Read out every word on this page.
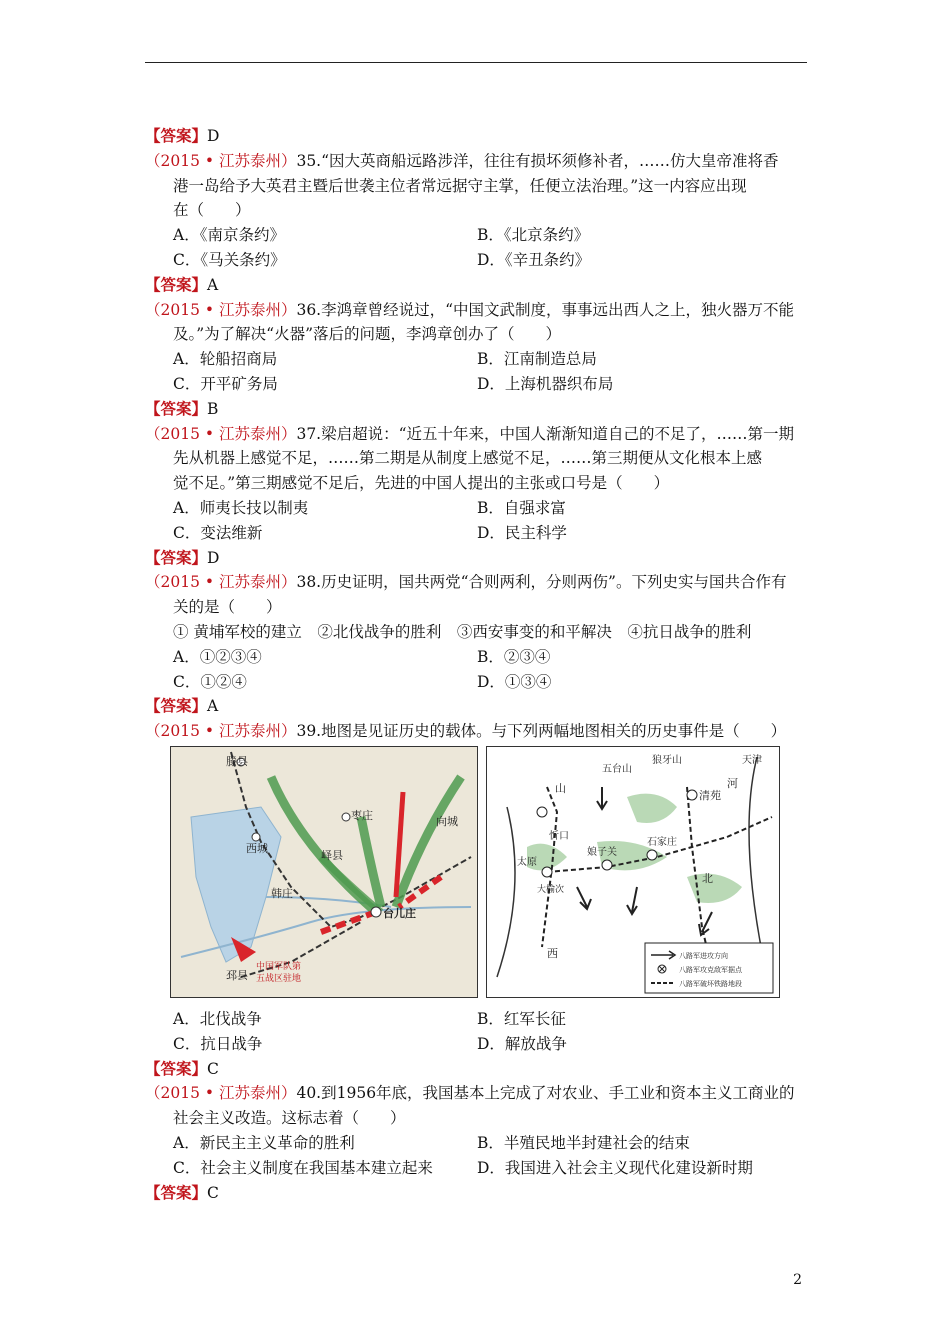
【答案】D
（2015 • 江苏泰州）35.“因大英商船远路涉洋，往往有损坏须修补者，……仿大皇帝准将香
港一岛给予大英君主暨后世袭主位者常远据守主掌，任便立法治理。”这一内容应出现
在（　　）
A．《南京条约》	B．《北京条约》
C．《马关条约》	D．《辛丑条约》
【答案】A
（2015 • 江苏泰州）36.李鸿章曾经说过，“中国文武制度，事事远出西人之上，独火器万不能
及。”为了解决“火器”落后的问题，李鸿章创办了（　　）
A．轮船招商局	B．江南制造总局
C．开平矿务局	D．上海机器织布局
【答案】B
（2015 • 江苏泰州）37.梁启超说：“近五十年来，中国人渐渐知道自己的不足了，……第一期
先从机器上感觉不足，……第二期是从制度上感觉不足，……第三期便从文化根本上感
觉不足。”第三期感觉不足后，先进的中国人提出的主张或口号是（　　）
A．师夷长技以制夷	B．自强求富
C．变法维新	D．民主科学
【答案】D
（2015 • 江苏泰州）38.历史证明，国共两党“合则两利，分则两伤”。下列史实与国共合作有
关的是（　　）
① 黄埔军校的建立　②北伐战争的胜利　③西安事变的和平解决　④抗日战争的胜利
A．①②③④	B．②③④
C．①②④	D．①③④
【答案】A
（2015 • 江苏泰州）39.地图是见证历史的载体。与下列两幅地图相关的历史事件是（　　）
滕县
枣庄	向城
西城
峄县
韩庄
台儿庄
中国军队第
五战区驻地
邳县
五台山
狼牙山	天津
清苑
忻口
娘子关
石家庄
太原
大榆次
西
北
山	河
八路军进攻方向
八路军攻克敌军据点
八路军破坏铁路地段
A．北伐战争	B．红军长征
C．抗日战争	D．解放战争
【答案】C
（2015 • 江苏泰州）40.到1956年底，我国基本上完成了对农业、手工业和资本主义工商业的
社会主义改造。这标志着（　　）
A．新民主主义革命的胜利	B．半殖民地半封建社会的结束
C．社会主义制度在我国基本建立起来	D．我国进入社会主义现代化建设新时期
【答案】C
2
